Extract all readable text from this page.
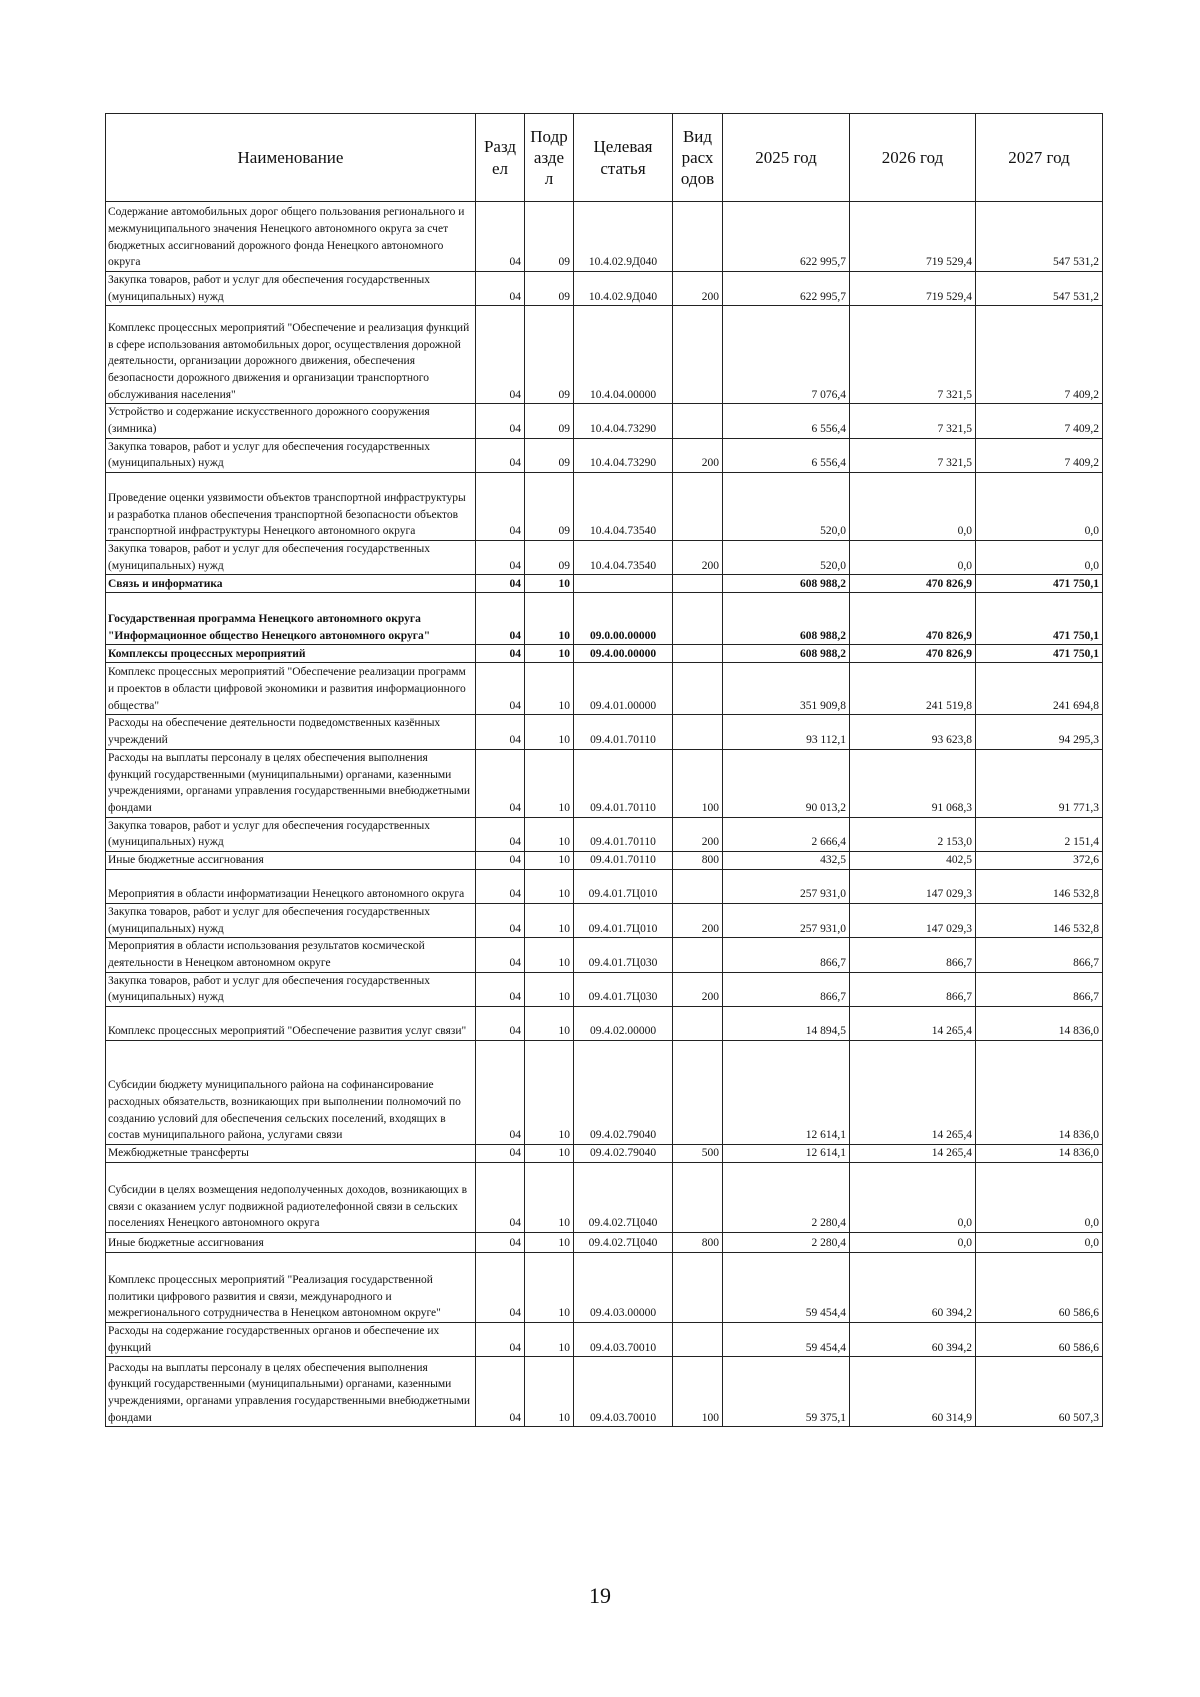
Наименование	Разд ел	Подр азде л	Целевая статья	Вид расх одов	2025 год	2026 год	2027 год
Содержание автомобильных дорог общего пользования регионального и межмуниципального значения Ненецкого автономного округа за счет бюджетных ассигнований дорожного фонда Ненецкого автономного округа	04	09	10.4.02.9Д040		622 995,7	719 529,4	547 531,2
Закупка товаров, работ и услуг для обеспечения государственных (муниципальных) нужд	04	09	10.4.02.9Д040	200	622 995,7	719 529,4	547 531,2
Комплекс процессных мероприятий "Обеспечение и реализация функций в сфере использования автомобильных дорог, осуществления дорожной деятельности, организации дорожного движения, обеспечения безопасности дорожного движения и организации транспортного обслуживания населения"	04	09	10.4.04.00000		7 076,4	7 321,5	7 409,2
Устройство и содержание искусственного дорожного сооружения (зимника)	04	09	10.4.04.73290		6 556,4	7 321,5	7 409,2
Закупка товаров, работ и услуг для обеспечения государственных (муниципальных) нужд	04	09	10.4.04.73290	200	6 556,4	7 321,5	7 409,2
Проведение оценки уязвимости объектов транспортной инфраструктуры и разработка планов обеспечения транспортной безопасности объектов транспортной инфраструктуры Ненецкого автономного округа	04	09	10.4.04.73540		520,0	0,0	0,0
Закупка товаров, работ и услуг для обеспечения государственных (муниципальных) нужд	04	09	10.4.04.73540	200	520,0	0,0	0,0
Связь и информатика	04	10			608 988,2	470 826,9	471 750,1
Государственная программа Ненецкого автономного округа "Информационное общество Ненецкого автономного округа"	04	10	09.0.00.00000		608 988,2	470 826,9	471 750,1
Комплексы процессных мероприятий	04	10	09.4.00.00000		608 988,2	470 826,9	471 750,1
Комплекс процессных мероприятий "Обеспечение реализации программ и проектов в области цифровой экономики и развития информационного общества"	04	10	09.4.01.00000		351 909,8	241 519,8	241 694,8
Расходы на обеспечение деятельности подведомственных казённых учреждений	04	10	09.4.01.70110		93 112,1	93 623,8	94 295,3
Расходы на выплаты персоналу в целях обеспечения выполнения функций государственными (муниципальными) органами, казенными учреждениями, органами управления государственными внебюджетными фондами	04	10	09.4.01.70110	100	90 013,2	91 068,3	91 771,3
Закупка товаров, работ и услуг для обеспечения государственных (муниципальных) нужд	04	10	09.4.01.70110	200	2 666,4	2 153,0	2 151,4
Иные бюджетные ассигнования	04	10	09.4.01.70110	800	432,5	402,5	372,6
Мероприятия в области информатизации Ненецкого автономного округа	04	10	09.4.01.7Ц010		257 931,0	147 029,3	146 532,8
Закупка товаров, работ и услуг для обеспечения государственных (муниципальных) нужд	04	10	09.4.01.7Ц010	200	257 931,0	147 029,3	146 532,8
Мероприятия в области использования результатов космической деятельности в Ненецком автономном округе	04	10	09.4.01.7Ц030		866,7	866,7	866,7
Закупка товаров, работ и услуг для обеспечения государственных (муниципальных) нужд	04	10	09.4.01.7Ц030	200	866,7	866,7	866,7
Комплекс процессных мероприятий "Обеспечение развития услуг связи"	04	10	09.4.02.00000		14 894,5	14 265,4	14 836,0
Субсидии бюджету муниципального района на софинансирование расходных обязательств, возникающих при выполнении полномочий по созданию условий для обеспечения сельских поселений, входящих в состав муниципального района, услугами связи	04	10	09.4.02.79040		12 614,1	14 265,4	14 836,0
Межбюджетные трансферты	04	10	09.4.02.79040	500	12 614,1	14 265,4	14 836,0
Субсидии в целях возмещения недополученных доходов, возникающих в связи с оказанием услуг подвижной радиотелефонной связи в сельских поселениях Ненецкого автономного округа	04	10	09.4.02.7Ц040		2 280,4	0,0	0,0
Иные бюджетные ассигнования	04	10	09.4.02.7Ц040	800	2 280,4	0,0	0,0
Комплекс процессных мероприятий "Реализация государственной политики цифрового развития и связи, международного и межрегионального сотрудничества в Ненецком автономном округе"	04	10	09.4.03.00000		59 454,4	60 394,2	60 586,6
Расходы на содержание государственных органов и обеспечение их функций	04	10	09.4.03.70010		59 454,4	60 394,2	60 586,6
Расходы на выплаты персоналу в целях обеспечения выполнения функций государственными (муниципальными) органами, казенными учреждениями, органами управления государственными внебюджетными фондами	04	10	09.4.03.70010	100	59 375,1	60 314,9	60 507,3
19
